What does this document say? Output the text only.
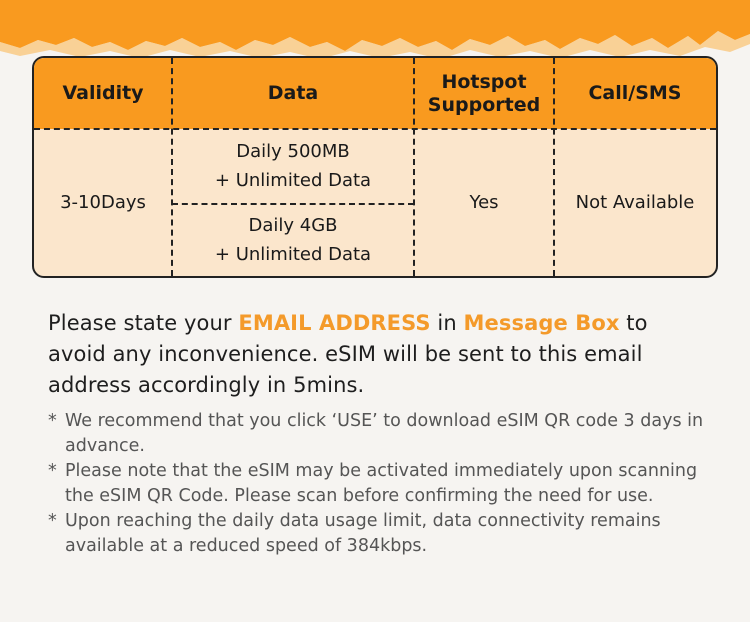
Validity	Data
Hotspot Supported
Call/SMS
3-10Days
Daily 500MB
+ Unlimited Data
Daily 4GB
+ Unlimited Data
Yes	Not Available

Please state your EMAIL ADDRESS in Message Box to avoid any inconvenience. eSIM will be sent to this email address accordingly in 5mins.

* We recommend that you click ‘USE’ to download eSIM QR code 3 days in advance.
* Please note that the eSIM may be activated immediately upon scanning the eSIM QR Code. Please scan before confirming the need for use.
* Upon reaching the daily data usage limit, data connectivity remains available at a reduced speed of 384kbps.
